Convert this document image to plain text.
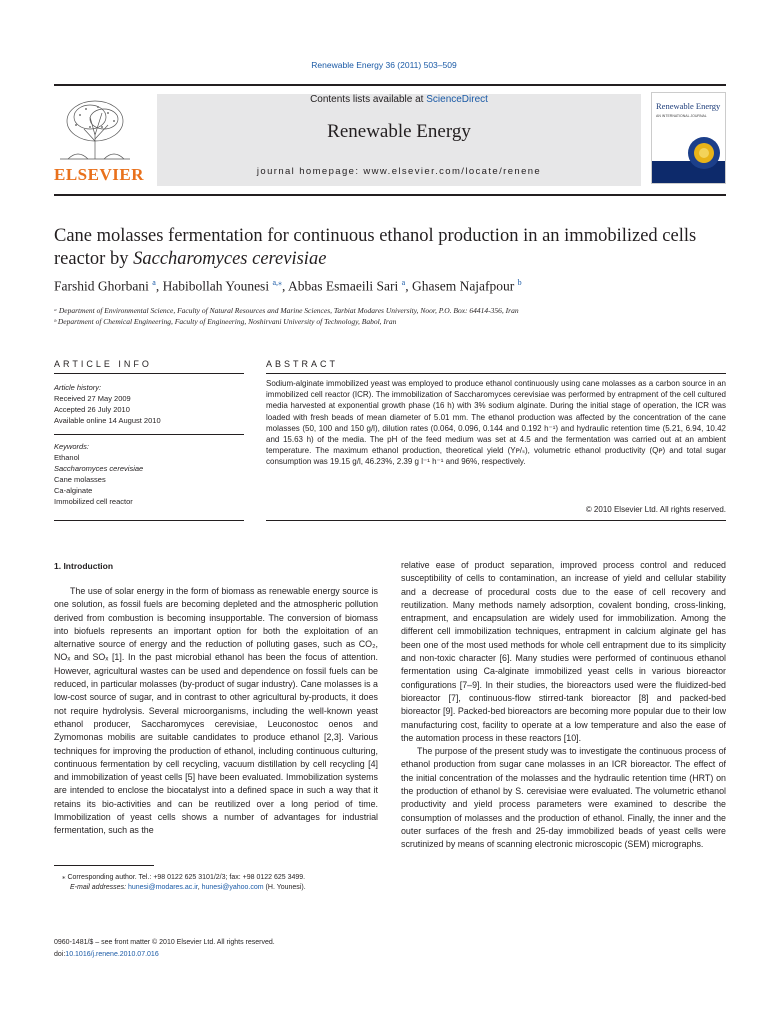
Renewable Energy 36 (2011) 503–509
ELSEVIER
Contents lists available at ScienceDirect
Renewable Energy
journal homepage: www.elsevier.com/locate/renene
Renewable Energy
AN INTERNATIONAL JOURNAL
Cane molasses fermentation for continuous ethanol production in an immobilized cells reactor by Saccharomyces cerevisiae
Farshid Ghorbani $^a$, Habibollah Younesi $^{a,⁎}$, Abbas Esmaeili Sari $^a$, Ghasem Najafpour $^b$
ᵃ Department of Environmental Science, Faculty of Natural Resources and Marine Sciences, Tarbiat Modares University, Noor, P.O. Box: 64414-356, Iran
ᵇ Department of Chemical Engineering, Faculty of Engineering, Noshirvani University of Technology, Babol, Iran
ARTICLE INFO	ABSTRACT
Article history:
Received 27 May 2009
Accepted 26 July 2010
Available online 14 August 2010
Keywords:
Ethanol
Saccharomyces cerevisiae
Cane molasses
Ca-alginate
Immobilized cell reactor
Sodium-alginate immobilized yeast was employed to produce ethanol continuously using cane molasses as a carbon source in an immobilized cell reactor (ICR). The immobilization of Saccharomyces cerevisiae was performed by entrapment of the cell cultured media harvested at exponential growth phase (16 h) with 3% sodium alginate. During the initial stage of operation, the ICR was loaded with fresh beads of mean diameter of 5.01 mm. The ethanol production was affected by the concentration of the cane molasses (50, 100 and 150 g/l), dilution rates (0.064, 0.096, 0.144 and 0.192 h⁻¹) and hydraulic retention time (5.21, 6.94, 10.42 and 15.63 h) of the media. The pH of the feed medium was set at 4.5 and the fermentation was carried out at an ambient temperature. The maximum ethanol production, theoretical yield (Yᴘ/ₛ), volumetric ethanol productivity (Qᴘ) and total sugar consumption was 19.15 g/l, 46.23%, 2.39 g l⁻¹ h⁻¹ and 96%, respectively.
© 2010 Elsevier Ltd. All rights reserved.
1. Introduction

The use of solar energy in the form of biomass as renewable energy source is one solution, as fossil fuels are becoming depleted and the atmospheric pollution derived from combustion is becoming insupportable. The conversion of biomass into biofuels represents an important option for both the exploitation of an alternative source of energy and the reduction of polluting gases, such as CO₂, NOₓ and SOₓ [1]. In the past microbial ethanol has been the focus of attention. However, agricultural wastes can be used and dependence on fossil fuels can be reduced, in particular molasses (by-product of sugar industry). Cane molasses is a low-cost source of sugar, and in contrast to other agricultural by-products, it does not require hydrolysis. Several microorganisms, including the well-known yeast ethanol producer, Saccharomyces cerevisiae, Leuconostoc oenos and Zymomonas mobilis are suitable candidates to produce ethanol [2,3]. Various techniques for improving the production of ethanol, including continuous culturing, continuous fermentation by cell recycling, vacuum distillation by cell recycling [4] and immobilization of yeast cells [5] have been evaluated. Immobilization systems are intended to enclose the biocatalyst into a defined space in such a way that it retains its bio-activities and can be reutilized over a long period of time. Immobilization of yeast cells shows a number of advantages for industrial fermentation, such as the

relative ease of product separation, improved process control and reduced susceptibility of cells to contamination, an increase of yield and cellular stability and a decrease of procedural costs due to the ease of cell recovery and reutilization. Many methods namely adsorption, covalent bonding, cross-linking, entrapment, and encapsulation are widely used for immobilization. Among the different cell immobilization techniques, entrapment in calcium alginate gel has been one of the most used methods for whole cell entrapment due to its simplicity and non-toxic character [6]. Many studies were performed of continuous ethanol fermentation using Ca-alginate immobilized yeast cells in various bioreactor configurations [7–9]. In their studies, the bioreactors used were the fluidized-bed bioreactor [7], continuous-flow stirred-tank bioreactor [8] and packed-bed bioreactor [9]. Packed-bed bioreactors are becoming more popular due to their low manufacturing cost, facility to operate at a low temperature and also the ease of the automation process in these reactors [10].

The purpose of the present study was to investigate the continuous process of ethanol production from sugar cane molasses in an ICR bioreactor. The effect of the initial concentration of the molasses and the hydraulic retention time (HRT) on the production of ethanol by S. cerevisiae were evaluated. The volumetric ethanol productivity and yield process parameters were examined to describe the consumption of molasses and the production of ethanol. Finally, the inner and the outer surfaces of the fresh and 25-day immobilized beads of yeast cells were scrutinized by means of scanning electronic microscopic (SEM) micrographs.

⁎ Corresponding author. Tel.: +98 0122 625 3101/2/3; fax: +98 0122 625 3499.
E-mail addresses: hunesi@modares.ac.ir, hunesi@yahoo.com (H. Younesi).
0960-1481/$ – see front matter © 2010 Elsevier Ltd. All rights reserved.
doi:10.1016/j.renene.2010.07.016
